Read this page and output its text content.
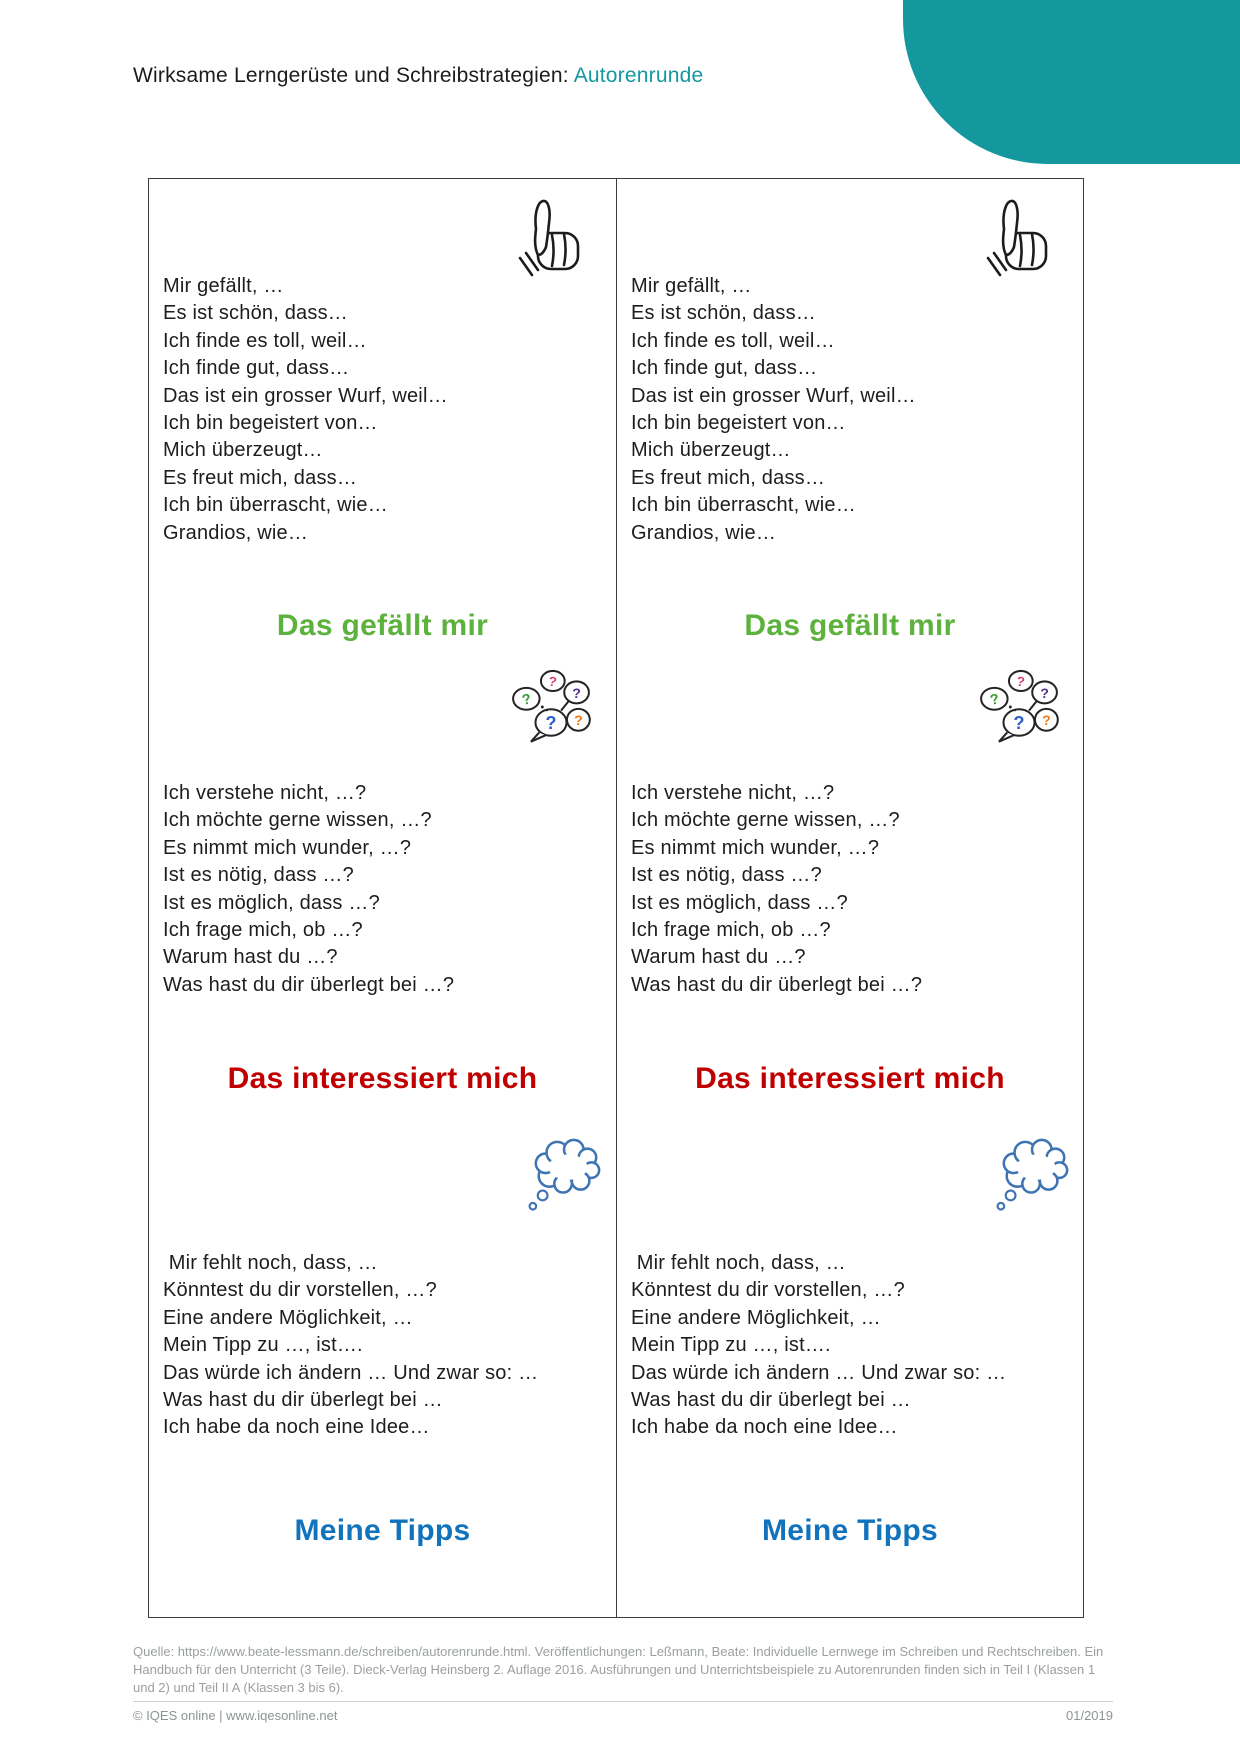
Wirksame Lerngerüste und Schreibstrategien: Autorenrunde
Mir gefällt, …
Es ist schön, dass…
Ich finde es toll, weil…
Ich finde gut, dass…
Das ist ein grosser Wurf, weil…
Ich bin begeistert von…
Mich überzeugt…
Es freut mich, dass…
Ich bin überrascht, wie…
Grandios, wie…
Das gefällt mir
?
?
?
?
?
Ich verstehe nicht, …?
Ich möchte gerne wissen, …?
Es nimmt mich wunder, …?
Ist es nötig, dass …?
Ist es möglich, dass …?
Ich frage mich, ob …?
Warum hast du …?
Was hast du dir überlegt bei …?
Das interessiert mich
Mir fehlt noch, dass, …
Könntest du dir vorstellen, …?
Eine andere Möglichkeit, …
Mein Tipp zu …, ist….
Das würde ich ändern … Und zwar so: …
Was hast du dir überlegt bei …
Ich habe da noch eine Idee…
Meine Tipps
Mir gefällt, …
Es ist schön, dass…
Ich finde es toll, weil…
Ich finde gut, dass…
Das ist ein grosser Wurf, weil…
Ich bin begeistert von…
Mich überzeugt…
Es freut mich, dass…
Ich bin überrascht, wie…
Grandios, wie…
Das gefällt mir
?
?
?
?
?
Ich verstehe nicht, …?
Ich möchte gerne wissen, …?
Es nimmt mich wunder, …?
Ist es nötig, dass …?
Ist es möglich, dass …?
Ich frage mich, ob …?
Warum hast du …?
Was hast du dir überlegt bei …?
Das interessiert mich
Mir fehlt noch, dass, …
Könntest du dir vorstellen, …?
Eine andere Möglichkeit, …
Mein Tipp zu …, ist….
Das würde ich ändern … Und zwar so: …
Was hast du dir überlegt bei …
Ich habe da noch eine Idee…
Meine Tipps
Quelle: https://www.beate-lessmann.de/schreiben/autorenrunde.html. Veröffentlichungen: Leßmann, Beate: Individuelle Lernwege im Schreiben und Rechtschreiben. Ein Handbuch für den Unterricht (3 Teile). Dieck-Verlag Heinsberg 2. Auflage 2016. Ausführungen und Unterrichtsbeispiele zu Autorenrunden finden sich in Teil I (Klassen 1 und 2) und Teil II A (Klassen 3 bis 6).
© IQES online | www.iqesonline.net	01/2019
